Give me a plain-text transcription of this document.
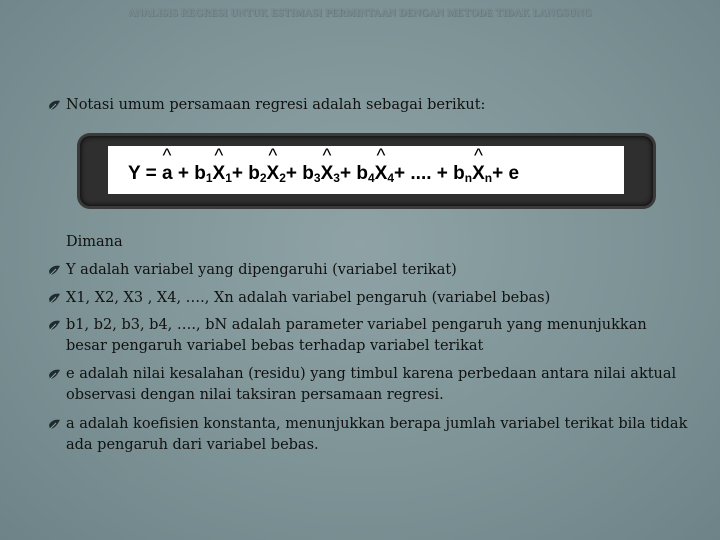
ANALISIS REGRESI UNTUK ESTIMASI PERMINTAAN DENGAN METODE TIDAK LANGSUNG
Notasi umum persamaan regresi adalah sebagai berikut:
^ $Y = a + b_1$ ^ $X_1 + b_2$ ^ $X_2 + b_3$ ^ $X_3 + b_4$ ^ $X_4$ + .... + $b_n$ ^ $X_n + e$
Dimana
Y adalah variabel yang dipengaruhi (variabel terikat)
X1, X2, X3 , X4, …., Xn adalah variabel pengaruh (variabel bebas)
b1, b2, b3, b4, …., bN adalah parameter variabel pengaruh yang menunjukkan besar pengaruh variabel bebas terhadap variabel terikat
e adalah nilai kesalahan (residu) yang timbul karena perbedaan antara nilai aktual observasi dengan nilai taksiran persamaan regresi.
a adalah koefisien konstanta, menunjukkan berapa jumlah variabel terikat bila tidak ada pengaruh dari variabel bebas.
